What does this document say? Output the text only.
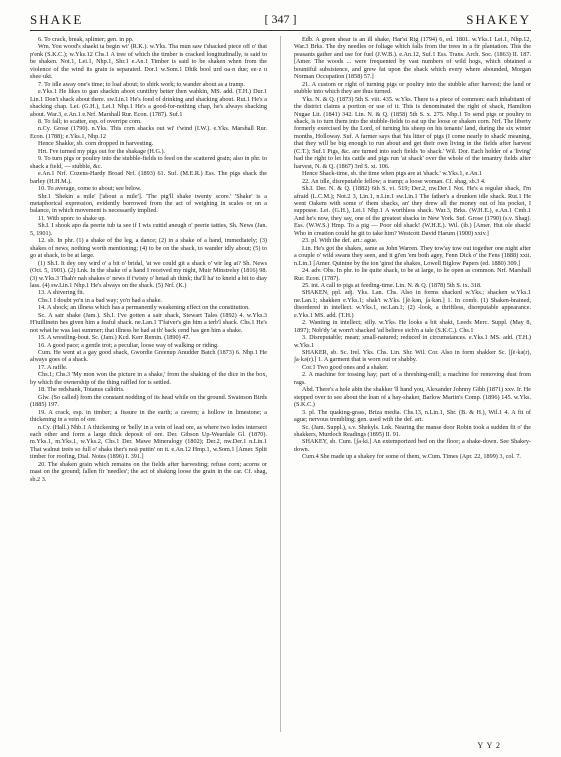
SHAKE	[ 347 ]	SHAKEY

6. To crack, break, splinter; gen. in pp.

Wm. You wood's shaekt ta begin wi' (R.K.). w.Yks. Tha mun saw t'shacked piece off o' that p'enk (S.K.C.); w.Yks.12 Chs.1 A tree of which the timber is cracked longitudinally, is said to be shaken. Not.1, Lei.1, Nhp.1, Shr.1 e.An.1 Timber is said to be shaken when from the violence of the wind its grain is separated. Dor.1 w.Som.1 Dhik bool urd oa·n due; ee·z u shee·ukt.

7. To idle away one's time; to loaf about; to shirk work; to wander about as a tramp.

e.Yks.1 He likes to gan shackin aboot cuntthry better then wahkin, MS. add. (T.H.) Dur.1 Lin.1 Don't shack about there. sw.Lin.1 He's fond of drinking and shacking about. Rut.1 He's a shacking chap. Lei. (G.H.), Lei.1 Nhp.1 He's a good-for-nothing chap, he's always shacking about. War.3, e.An.1 e.Nrf. Marshall Rur. Econ. (1787). Suf.1

8. To fall; to scatter, esp. of overripe corn.

n.Cy. Grose (1790). n.Yks. This corn shacks out wi' t'wind (I.W.). e.Yks. Marshall Rur. Econ. (1788); e.Yks.1, Nhp.12

Hence Shakke, sb. corn dropped in harvesting.

Hrt. I've turned my pigs out for the shakage (H.G.).

9. To turn pigs or poultry into the stubble-fields to feed on the scattered grain; also in phr. to shack a field, — stubble, &c.

e.An.1 Nrf. Cozens-Hardy Broad Nrf. (1893) 61. Suf. (M.E.R.) Ess. The pigs shack the barley (H.H.M.).

10. To average, come to about; see below.

Shr.1 'Shekin a mile' ['about a mile']. 'The pig'll shake twenty score.' 'Shake' is a metaphorical expression, evidently borrowed from the act of weighing in scales or on a balance, in which movement is necessarily implied.

11. With upon: to shake up.

Sh.I. I shook apo da peerie tub ta see if I wis cuttid aneugh o' peerie tatties, Sh. News (Jan. 5, 1901).

12. sb. In phr. (1) a shake of the leg, a dance; (2) in a shake of a hand, immediately; (3) shakes of news, nothing worth mentioning; (4) to be on the shack, to wander idly about; (5) to go at shack, to be at large.

(1) Sh.I. It dey ony wird o' a bit o' bridal, 'at we could git a shack o' wir leg at? Sh. News (Oct. 5, 1901). (2) Lnk. In the shake of a hand I received my night, Muir Minstrelsy (1816) 98. (3) w.Yks.3 Thah'r nah shakes o' news if t'wisty o' hetad ah think; tha'll ha' to kneid a bit to diay lass. (4) sw.Lin.1 Nhp.1 He's always on the shack. (5) Nrf. (K.)

13. A shivering fit.

Chs.1 I doubt yo'n in a bad way; yo'n had a shake.

14. A shock; an illness which has a permanently weakening effect on the constitution.

Sc. A sair shake (Jam.). Sh.I. I've gotten a sair shack, Stewart Tales (1892) 4. w.Yks.3 H'iuillinetn hes given him a feaful shack. ne.Lan.1 T'faiver's gin him a terb'l shack. Chs.1 He's not what he was last summer; that illness he had at th' back cend has gen him a shake.

15. A wrestling-bout. Sc. (Jam.) Kcd. Kerr Remin. (1890) 47.

16. A good pace; a gentle trot; a peculiar, loose way of walking or riding.

Cum. He went at a gay good shack, Gwordie Greenup Anudder Batch (1873) 6. Nhp.1 He always goes of a shack.

17. A raffle.

Chs.1; Chs.3 'My mon won the picture in a shake,' from the shaking of the dice in the box, by which the ownership of the thing raffled for is settled.

18. The redshank, Totanus calidris.

Glw. (So called) from the constant nodding of its head while on the ground. Swainson Birds (1885) 197.

19. A crack, esp. in timber; a fissure in the earth; a cavern; a hollow in limestone; a thickening in a vein of ore.

n.Cy. (Hall.) Nhb.1 A thickening or 'belly' in a vein of lead ore, as where two lodes intersect each other and form a large thick deposit of ore. Der. Gibson Up-Weardale Gl. (1870). m.Yks.1, m.Yks.1, w.Yks.2, Chs.1 Der. Mawe Mineralogy (1802); Der.2, nw.Der.1 n.Lin.1 That walnut treës so full o' shaks ther's noä puttin' on it. e.An.12 Hmp.1, w.Som.1 [Amer. Split timber for roofing, Dial. Notes (1896) I. 391.]

20. The shaken grain which remains on the fields after harvesting; refuse corn; acorns or mast on the ground; fallen fir 'needles'; the act of shaking loose the grain in the car. Cf. shag, sb.2 3.

Edb. A green shear is an ill shake, Har'st Rig (1794) 6, ed. 1801. w.Yks.1 Lei.1, Nhp.12, War.3 Brks. The dry needles or foliage which falls from the trees in a fir plantation. This the peasants gather and use for fuel (J.W.B.). e.An.12, Suf.1 Ess. Trans. Arch. Soc. (1863) II. 187. [Amer. The woods ... were frequented by vast numbers of wild hogs, which obtained a bountiful subsistence, and grew fat upon the shack which every where abounded, Morgan Norman Occupation (1858) 57.]

21. A custom or right of turning pigs or poultry into the stubble after harvest; the land or stubble into which they are thus turned.

Yks. N. & Q. (1873) 5th S. viii. 435. w.Yks. There is a piece of common: each inhabitant of the district claims a portion or use of it. This is denominated the right of shack, Hamilton Nugae Lit. (1841) 342. Lin. N. & Q. (1858) 5th S. x. 275. Nhp.1 To send pigs or poultry to shack, is to turn them into the stubble-fields to eat up the loose or shaken corn. Nrf. The liberty formerly exercised by the Lord, of turning his sheep on his tenants' land, during the six winter months, Holloway. Suf. A farmer says that 'his litter of pigs (I come nearly to shack' meaning, that they will be big enough to run about and get their own living in the fields after harvest (C.T.); Suf.1 Pigs, &c. are turned into such fields 'to shack.' Wil. Dor. Each holder of a 'living' had the right to let his cattle and pigs run 'at shack' over the whole of the tenantry fields after harvest, N. & Q. (1867) 3rd S. xi. 106.

Hence Shack-time, sb. the time when pigs are at 'shack.' w.Yks.1, e.An.1

22. An idle, disreputable fellow; a tramp; a loose woman. Cf. shag, sb.3 4.

Sh.I. Der. N. & Q. (1882) 6th S. vi. 519; Der.2, nw.Der.1 Not. He's a regular shack, I'm afraid (L.C.M.); Not.2 3, Lin.1, n.Lin.1 sw.Lin.1 The father's a drunken idle shack. Rut.1 He went Oakem with some o' them shacks, an' they drew all the money out of his pocket, I supposse. Lei. (G.H.), Lei.1 Nhp.1 A worthless shack. War.3, Brks. (W.H.E.), e.An.1 Cmb.1 And he's now, they say, one of the greatest shacks in New York. Suf. Grose (1790) (s.v. Shag). Ess. (W.W.S.) Hmp. To a pig — Poor old shack! (W.H.E.). Wil. (ib.) [Amer. Hut ole shack! Who in creation could he git to take him? Westcott David Harum (1900) xxiv.]

23. pl. With the def. art.: ague.

Lin. He's got the shakes, same as John Warren. They tow'ay tow out together one night after a couple o' wild swans they seen, and it gi'en 'em both agey, Fenn Dick o' the Fens (1888) xxii. n.Lin.1 [Amer. Quinine by the ton 'ginst the shakes, Lowell Biglow Papers (ed. 1880) 309.]

24. adv. Obs. In phr. to lie quite shack, to be at large, to lie open as common. Nrf. Marshall Rur. Econ. (1787).

25. int. A call to pigs at feeding-time. Lin. N. & Q. (1878) 5th S. ix. 318.

SHAKEN, ppl. adj. Yks. Lan. Chs. Also in forms shacked w.Yks.; shacken w.Yks.1 ne.Lan.1; shakken e.Yks.1; shak't w.Yks. [ʃē·kən, ʃa·kən.] 1. In comb. (1) Shaken-brained, disordered in intellect. w.Yks.1, ne.Lan.1; (2) -look, a thriftless, disreputable appearance. e.Yks.1 MS. add. (T.H.)

2. Wanting in intellect; silly. w.Yks. He looks a bit shakt, Leeds Merc. Suppl. (May 8, 1897); Nob'dy 'at worn't shacked 'ad believe sich'n a tale (S.K.C.). Chs.1

3. Disreputable; mean; small-natured; reduced in circumstances. e.Yks.1 MS. add. (T.H.) w.Yks.1

SHAKER, sb. Sc. Irel. Yks. Chs. Lin. Shr. Wil. Cor. Also in form shakker Sc. [ʃē·kə(r), ʃa·kə(r).] 1. A garment that is worn out or shabby.

Cor.1 Two good ones and a shaker.

2. A machine for tossing hay; part of a threshing-mill; a machine for removing dust from rags.

Abd. There's a hole abin the shakker 'll hand you, Alexander Johnny Gibb (1871) xxv. Ir. He stepped over to see about the loan of a hay-shaker, Barlow Martin's Comp. (1896) 145. w.Yks. (S.K.C.)

3. pl. The quaking-grass, Briza media. Chs.13, n.Lin.1, Shr. (B. & H.), Wil.1 4. A fit of ague; nervous trembling; gen. used with the def. art.

Sc. (Jam. Suppl.), s.v. Shekyls. Lnk. Nearing the manse door Robin took a sudden fit o' the shakkers, Murdoch Readings (1895) II. 91.

SHAKEY, sb. Cum. [ʃa·ki.] An extemporized bed on the floor; a shake-down. See Shakey-down.

Cum.4 She made up a shakey for some of them, w.Cum. Times (Apr. 22, 1899) 3, col. 7.

Y Y 2
